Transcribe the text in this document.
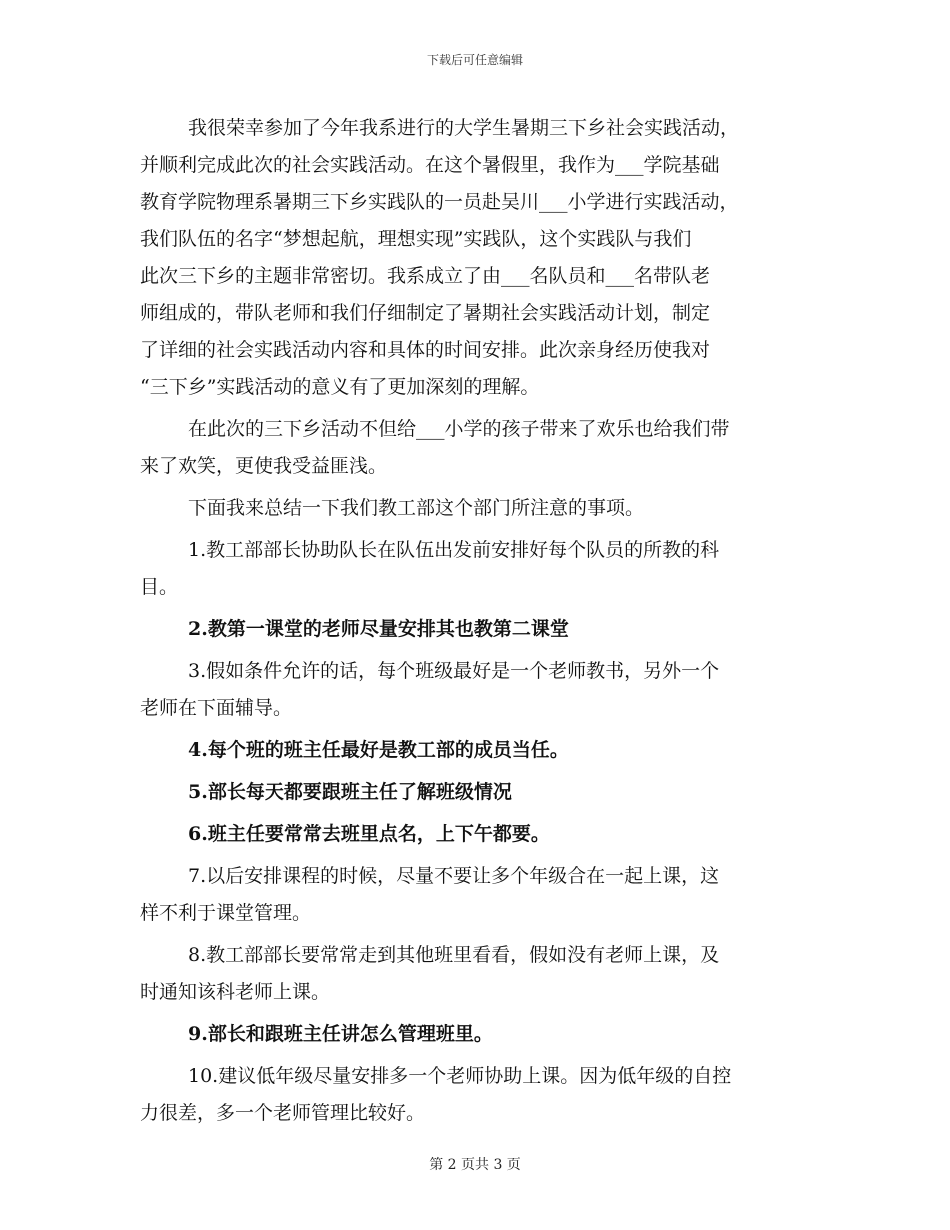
下载后可任意编辑
我很荣幸参加了今年我系进行的大学生暑期三下乡社会实践活动，
并顺利完成此次的社会实践活动。在这个暑假里，我作为___学院基础
教育学院物理系暑期三下乡实践队的一员赴吴川___小学进行实践活动，
我们队伍的名字“梦想起航，理想实现”实践队，这个实践队与我们
此次三下乡的主题非常密切。我系成立了由___名队员和___名带队老
师组成的，带队老师和我们仔细制定了暑期社会实践活动计划，制定
了详细的社会实践活动内容和具体的时间安排。此次亲身经历使我对
“三下乡”实践活动的意义有了更加深刻的理解。
在此次的三下乡活动不但给___小学的孩子带来了欢乐也给我们带
来了欢笑，更使我受益匪浅。
下面我来总结一下我们教工部这个部门所注意的事项。
1.教工部部长协助队长在队伍出发前安排好每个队员的所教的科
目。
2.教第一课堂的老师尽量安排其也教第二课堂
3.假如条件允许的话，每个班级最好是一个老师教书，另外一个
老师在下面辅导。
4.每个班的班主任最好是教工部的成员当任。
5.部长每天都要跟班主任了解班级情况
6.班主任要常常去班里点名，上下午都要。
7.以后安排课程的时候，尽量不要让多个年级合在一起上课，这
样不利于课堂管理。
8.教工部部长要常常走到其他班里看看，假如没有老师上课，及
时通知该科老师上课。
9.部长和跟班主任讲怎么管理班里。
10.建议低年级尽量安排多一个老师协助上课。因为低年级的自控
力很差，多一个老师管理比较好。
第 2 页共 3 页
